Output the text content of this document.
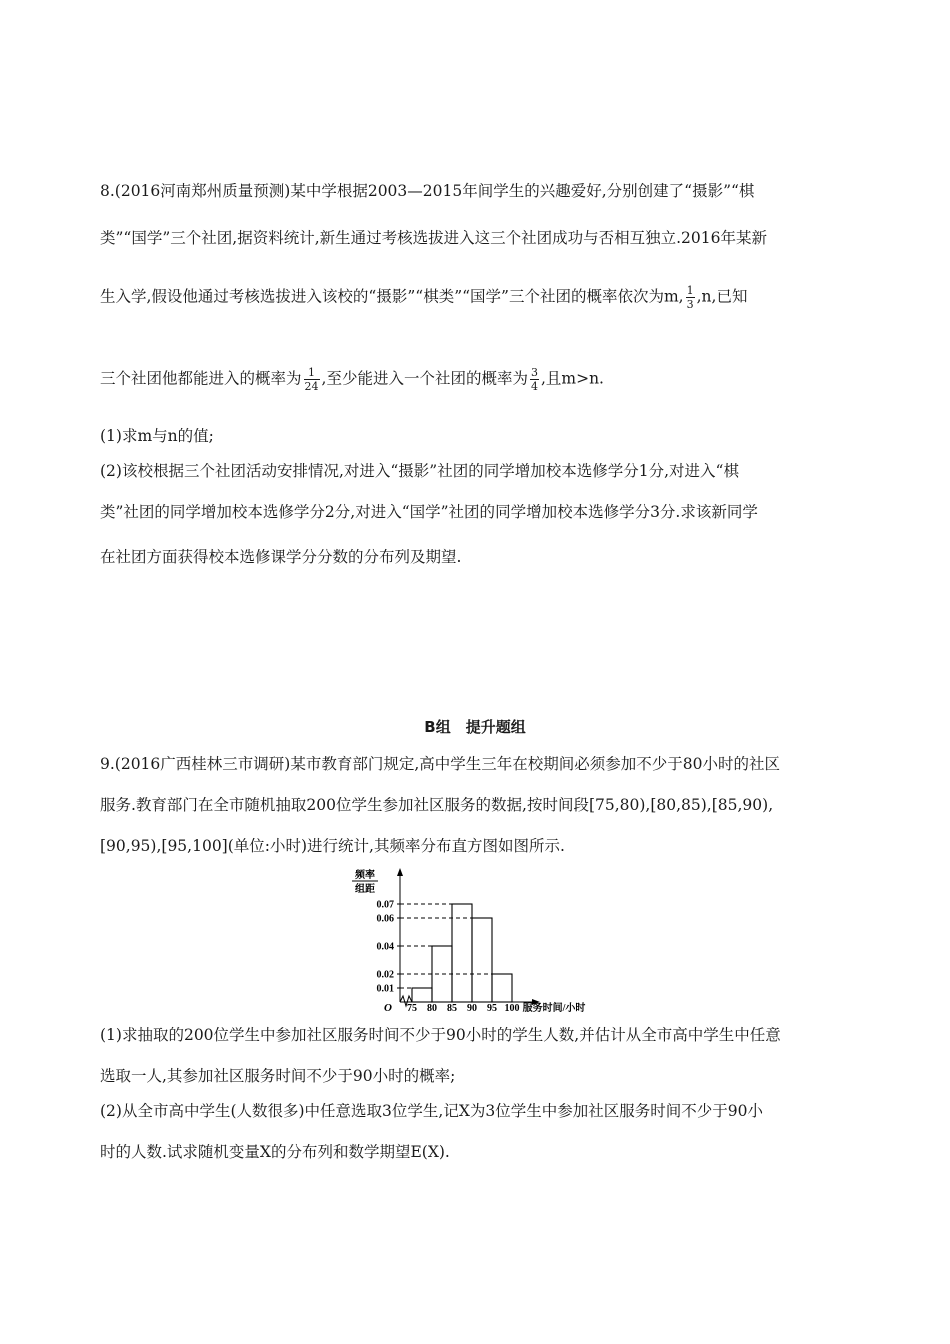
8.(2016河南郑州质量预测)某中学根据2003—2015年间学生的兴趣爱好,分别创建了“摄影”“棋
类”“国学”三个社团,据资料统计,新生通过考核选拔进入这三个社团成功与否相互独立.2016年某新
生入学,假设他通过考核选拔进入该校的“摄影”“棋类”“国学”三个社团的概率依次为m, $\frac{1}{3} ,n$,已知
三个社团他都能进入的概率为 $\frac{1}{24}$ ,至少能进入一个社团的概率为 $\frac{3}{4}$ ,且m>n.
(1)求m与n的值;
(2)该校根据三个社团活动安排情况,对进入“摄影”社团的同学增加校本选修学分1分,对进入“棋
类”社团的同学增加校本选修学分2分,对进入“国学”社团的同学增加校本选修学分3分.求该新同学
在社团方面获得校本选修课学分分数的分布列及期望.
B组　提升题组
9.(2016广西桂林三市调研)某市教育部门规定,高中学生三年在校期间必须参加不少于80小时的社区
服务.教育部门在全市随机抽取200位学生参加社区服务的数据,按时间段[75,80),[80,85),[85,90),
[90,95),[95,100](单位:小时)进行统计,其频率分布直方图如图所示.
频率
组距
O	服务时间/小时
0.01
0.02
0.04
0.06
0.07
75 80 85 90 95 100
(1)求抽取的200位学生中参加社区服务时间不少于90小时的学生人数,并估计从全市高中学生中任意
选取一人,其参加社区服务时间不少于90小时的概率;
(2)从全市高中学生(人数很多)中任意选取3位学生,记X为3位学生中参加社区服务时间不少于90小
时的人数.试求随机变量X的分布列和数学期望E(X).
